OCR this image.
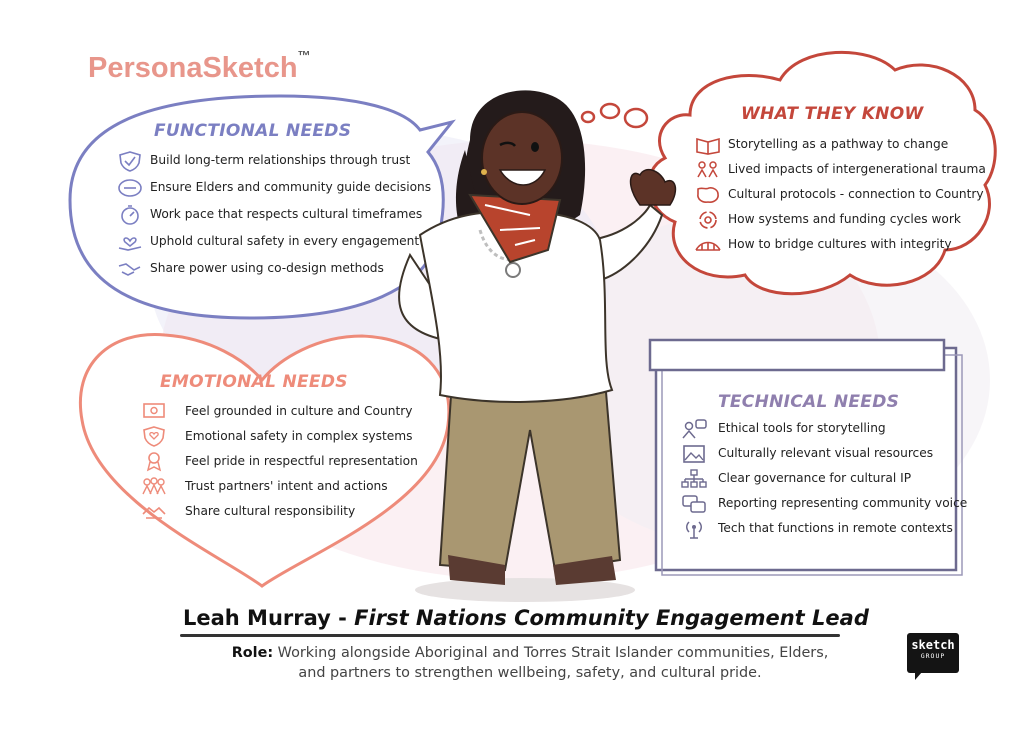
PersonaSketch™
FUNCTIONAL NEEDS
Build long-term relationships through trust
Ensure Elders and community guide decisions
Work pace that respects cultural timeframes
Uphold cultural safety in every engagement
Share power using co-design methods
WHAT THEY KNOW
Storytelling as a pathway to change
Lived impacts of intergenerational trauma
Cultural protocols - connection to Country
How systems and funding cycles work
How to bridge cultures with integrity
EMOTIONAL NEEDS
Feel grounded in culture and Country
Emotional safety in complex systems
Feel pride in respectful representation
Trust partners' intent and actions
Share cultural responsibility
TECHNICAL NEEDS
Ethical tools for storytelling
Culturally relevant visual resources
Clear governance for cultural IP
Reporting representing community voice
Tech that functions in remote contexts
Leah Murray - First Nations Community Engagement Lead
Role: Working alongside Aboriginal and Torres Strait Islander communities, Elders,
and partners to strengthen wellbeing, safety, and cultural pride.
sketch
GROUP
